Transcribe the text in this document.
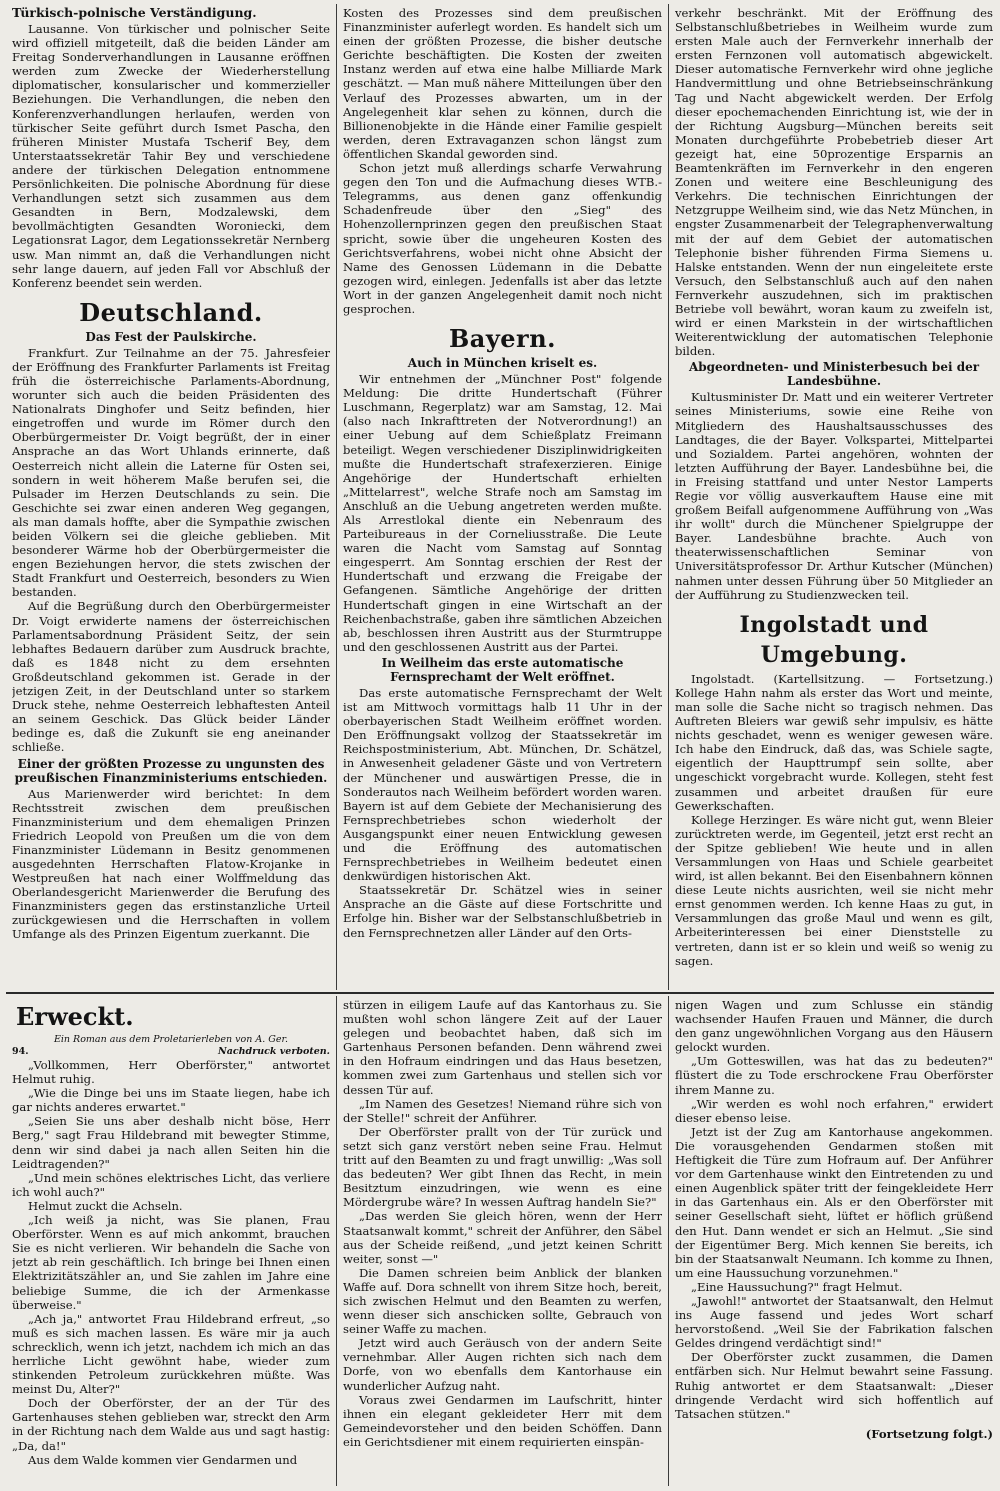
Türkisch-polnische Verständigung.

Lausanne. Von türkischer und polnischer Seite wird offiziell mitgeteilt, daß die beiden Länder am Freitag Sonderverhandlungen in Lausanne eröffnen werden zum Zwecke der Wiederherstellung diplomatischer, konsularischer und kommerzieller Beziehungen. Die Verhandlungen, die neben den Konferenzverhandlungen herlaufen, werden von türkischer Seite geführt durch Ismet Pascha, den früheren Minister Mustafa Tscherif Bey, dem Unterstaatssekretär Tahir Bey und verschiedene andere der türkischen Delegation entnommene Persönlichkeiten. Die polnische Abordnung für diese Verhandlungen setzt sich zusammen aus dem Gesandten in Bern, Modzalewski, dem bevollmächtigten Gesandten Woroniecki, dem Legationsrat Lagor, dem Legationssekretär Nernberg usw. Man nimmt an, daß die Verhandlungen nicht sehr lange dauern, auf jeden Fall vor Abschluß der Konferenz beendet sein werden.

Deutschland.
Das Fest der Paulskirche.

Frankfurt. Zur Teilnahme an der 75. Jahresfeier der Eröffnung des Frankfurter Parlaments ist Freitag früh die österreichische Parlaments-Abordnung, worunter sich auch die beiden Präsidenten des Nationalrats Dinghofer und Seitz befinden, hier eingetroffen und wurde im Römer durch den Oberbürgermeister Dr. Voigt begrüßt, der in einer Ansprache an das Wort Uhlands erinnerte, daß Oesterreich nicht allein die Laterne für Osten sei, sondern in weit höherem Maße berufen sei, die Pulsader im Herzen Deutschlands zu sein. Die Geschichte sei zwar einen anderen Weg gegangen, als man damals hoffte, aber die Sympathie zwischen beiden Völkern sei die gleiche geblieben. Mit besonderer Wärme hob der Oberbürgermeister die engen Beziehungen hervor, die stets zwischen der Stadt Frankfurt und Oesterreich, besonders zu Wien bestanden.

Auf die Begrüßung durch den Oberbürgermeister Dr. Voigt erwiderte namens der österreichischen Parlamentsabordnung Präsident Seitz, der sein lebhaftes Bedauern darüber zum Ausdruck brachte, daß es 1848 nicht zu dem ersehnten Großdeutschland gekommen ist. Gerade in der jetzigen Zeit, in der Deutschland unter so starkem Druck stehe, nehme Oesterreich lebhaftesten Anteil an seinem Geschick. Das Glück beider Länder bedinge es, daß die Zukunft sie eng aneinander schließe.

Einer der größten Prozesse zu ungunsten des preußischen Finanzministeriums entschieden.

Aus Marienwerder wird berichtet: In dem Rechtsstreit zwischen dem preußischen Finanzministerium und dem ehemaligen Prinzen Friedrich Leopold von Preußen um die von dem Finanzminister Lüdemann in Besitz genommenen ausgedehnten Herrschaften Flatow-Krojanke in Westpreußen hat nach einer Wolffmeldung das Oberlandesgericht Marienwerder die Berufung des Finanzministers gegen das erstinstanzliche Urteil zurückgewiesen und die Herrschaften in vollem Umfange als des Prinzen Eigentum zuerkannt. Die

Kosten des Prozesses sind dem preußischen Finanzminister auferlegt worden. Es handelt sich um einen der größten Prozesse, die bisher deutsche Gerichte beschäftigten. Die Kosten der zweiten Instanz werden auf etwa eine halbe Milliarde Mark geschätzt. — Man muß nähere Mitteilungen über den Verlauf des Prozesses abwarten, um in der Angelegenheit klar sehen zu können, durch die Billionenobjekte in die Hände einer Familie gespielt werden, deren Extravaganzen schon längst zum öffentlichen Skandal geworden sind.

Schon jetzt muß allerdings scharfe Verwahrung gegen den Ton und die Aufmachung dieses WTB.-Telegramms, aus denen ganz offenkundig Schadenfreude über den „Sieg" des Hohenzollernprinzen gegen den preußischen Staat spricht, sowie über die ungeheuren Kosten des Gerichtsverfahrens, wobei nicht ohne Absicht der Name des Genossen Lüdemann in die Debatte gezogen wird, einlegen. Jedenfalls ist aber das letzte Wort in der ganzen Angelegenheit damit noch nicht gesprochen.

Bayern.
Auch in München kriselt es.

Wir entnehmen der „Münchner Post" folgende Meldung: Die dritte Hundertschaft (Führer Luschmann, Regerplatz) war am Samstag, 12. Mai (also nach Inkrafttreten der Notverordnung!) an einer Uebung auf dem Schießplatz Freimann beteiligt. Wegen verschiedener Disziplinwidrigkeiten mußte die Hundertschaft strafexerzieren. Einige Angehörige der Hundertschaft erhielten „Mittelarrest", welche Strafe noch am Samstag im Anschluß an die Uebung angetreten werden mußte. Als Arrestlokal diente ein Nebenraum des Parteibureaus in der Corneliusstraße. Die Leute waren die Nacht vom Samstag auf Sonntag eingesperrt. Am Sonntag erschien der Rest der Hundertschaft und erzwang die Freigabe der Gefangenen. Sämtliche Angehörige der dritten Hundertschaft gingen in eine Wirtschaft an der Reichenbachstraße, gaben ihre sämtlichen Abzeichen ab, beschlossen ihren Austritt aus der Sturmtruppe und den geschlossenen Austritt aus der Partei.

In Weilheim das erste automatische Fernsprechamt der Welt eröffnet.

Das erste automatische Fernsprechamt der Welt ist am Mittwoch vormittags halb 11 Uhr in der oberbayerischen Stadt Weilheim eröffnet worden. Den Eröffnungsakt vollzog der Staatssekretär im Reichspostministerium, Abt. München, Dr. Schätzel, in Anwesenheit geladener Gäste und von Vertretern der Münchener und auswärtigen Presse, die in Sonderautos nach Weilheim befördert worden waren. Bayern ist auf dem Gebiete der Mechanisierung des Fernsprechbetriebes schon wiederholt der Ausgangspunkt einer neuen Entwicklung gewesen und die Eröffnung des automatischen Fernsprechbetriebes in Weilheim bedeutet einen denkwürdigen historischen Akt.

Staatssekretär Dr. Schätzel wies in seiner Ansprache an die Gäste auf diese Fortschritte und Erfolge hin. Bisher war der Selbstanschlußbetrieb in den Fernsprechnetzen aller Länder auf den Orts-

verkehr beschränkt. Mit der Eröffnung des Selbstanschlußbetriebes in Weilheim wurde zum ersten Male auch der Fernverkehr innerhalb der ersten Fernzonen voll automatisch abgewickelt. Dieser automatische Fernverkehr wird ohne jegliche Handvermittlung und ohne Betriebseinschränkung Tag und Nacht abgewickelt werden. Der Erfolg dieser epochemachenden Einrichtung ist, wie der in der Richtung Augsburg—München bereits seit Monaten durchgeführte Probebetrieb dieser Art gezeigt hat, eine 50prozentige Ersparnis an Beamtenkräften im Fernverkehr in den engeren Zonen und weitere eine Beschleunigung des Verkehrs. Die technischen Einrichtungen der Netzgruppe Weilheim sind, wie das Netz München, in engster Zusammenarbeit der Telegraphenverwaltung mit der auf dem Gebiet der automatischen Telephonie bisher führenden Firma Siemens u. Halske entstanden. Wenn der nun eingeleitete erste Versuch, den Selbstanschluß auch auf den nahen Fernverkehr auszudehnen, sich im praktischen Betriebe voll bewährt, woran kaum zu zweifeln ist, wird er einen Markstein in der wirtschaftlichen Weiterentwicklung der automatischen Telephonie bilden.

Abgeordneten- und Ministerbesuch bei der Landesbühne.

Kultusminister Dr. Matt und ein weiterer Vertreter seines Ministeriums, sowie eine Reihe von Mitgliedern des Haushaltsausschusses des Landtages, die der Bayer. Volkspartei, Mittelpartei und Sozialdem. Partei angehören, wohnten der letzten Aufführung der Bayer. Landesbühne bei, die in Freising stattfand und unter Nestor Lamperts Regie vor völlig ausverkauftem Hause eine mit großem Beifall aufgenommene Aufführung von „Was ihr wollt" durch die Münchener Spielgruppe der Bayer. Landesbühne brachte. Auch von theaterwissenschaftlichen Seminar von Universitätsprofessor Dr. Arthur Kutscher (München) nahmen unter dessen Führung über 50 Mitglieder an der Aufführung zu Studienzwecken teil.

Ingolstadt und Umgebung.

Ingolstadt. (Kartellsitzung. — Fortsetzung.) Kollege Hahn nahm als erster das Wort und meinte, man solle die Sache nicht so tragisch nehmen. Das Auftreten Bleiers war gewiß sehr impulsiv, es hätte nichts geschadet, wenn es weniger gewesen wäre. Ich habe den Eindruck, daß das, was Schiele sagte, eigentlich der Haupttrumpf sein sollte, aber ungeschickt vorgebracht wurde. Kollegen, steht fest zusammen und arbeitet draußen für eure Gewerkschaften.

Kollege Herzinger. Es wäre nicht gut, wenn Bleier zurücktreten werde, im Gegenteil, jetzt erst recht an der Spitze geblieben! Wie heute und in allen Versammlungen von Haas und Schiele gearbeitet wird, ist allen bekannt. Bei den Eisenbahnern können diese Leute nichts ausrichten, weil sie nicht mehr ernst genommen werden. Ich kenne Haas zu gut, in Versammlungen das große Maul und wenn es gilt, Arbeiterinteressen bei einer Dienststelle zu vertreten, dann ist er so klein und weiß so wenig zu sagen.

Erweckt.

Ein Roman aus dem Proletarierleben von A. Ger.

94.	Nachdruck verboten.

„Vollkommen, Herr Oberförster," antwortet Helmut ruhig.

„Wie die Dinge bei uns im Staate liegen, habe ich gar nichts anderes erwartet."

„Seien Sie uns aber deshalb nicht böse, Herr Berg," sagt Frau Hildebrand mit bewegter Stimme, denn wir sind dabei ja nach allen Seiten hin die Leidtragenden?"

„Und mein schönes elektrisches Licht, das verliere ich wohl auch?"

Helmut zuckt die Achseln.

„Ich weiß ja nicht, was Sie planen, Frau Oberförster. Wenn es auf mich ankommt, brauchen Sie es nicht verlieren. Wir behandeln die Sache von jetzt ab rein geschäftlich. Ich bringe bei Ihnen einen Elektrizitätszähler an, und Sie zahlen im Jahre eine beliebige Summe, die ich der Armenkasse überweise."

„Ach ja," antwortet Frau Hildebrand erfreut, „so muß es sich machen lassen. Es wäre mir ja auch schrecklich, wenn ich jetzt, nachdem ich mich an das herrliche Licht gewöhnt habe, wieder zum stinkenden Petroleum zurückkehren müßte. Was meinst Du, Alter?"

Doch der Oberförster, der an der Tür des Gartenhauses stehen geblieben war, streckt den Arm in der Richtung nach dem Walde aus und sagt hastig: „Da, da!"

Aus dem Walde kommen vier Gendarmen und

stürzen in eiligem Laufe auf das Kantorhaus zu. Sie mußten wohl schon längere Zeit auf der Lauer gelegen und beobachtet haben, daß sich im Gartenhaus Personen befanden. Denn während zwei in den Hofraum eindringen und das Haus besetzen, kommen zwei zum Gartenhaus und stellen sich vor dessen Tür auf.

„Im Namen des Gesetzes! Niemand rühre sich von der Stelle!" schreit der Anführer.

Der Oberförster prallt von der Tür zurück und setzt sich ganz verstört neben seine Frau. Helmut tritt auf den Beamten zu und fragt unwillig: „Was soll das bedeuten? Wer gibt Ihnen das Recht, in mein Besitztum einzudringen, wie wenn es eine Mördergrube wäre? In wessen Auftrag handeln Sie?"

„Das werden Sie gleich hören, wenn der Herr Staatsanwalt kommt," schreit der Anführer, den Säbel aus der Scheide reißend, „und jetzt keinen Schritt weiter, sonst —"

Die Damen schreien beim Anblick der blanken Waffe auf. Dora schnellt von ihrem Sitze hoch, bereit, sich zwischen Helmut und den Beamten zu werfen, wenn dieser sich anschicken sollte, Gebrauch von seiner Waffe zu machen.

Jetzt wird auch Geräusch von der andern Seite vernehmbar. Aller Augen richten sich nach dem Dorfe, von wo ebenfalls dem Kantorhause ein wunderlicher Aufzug naht.

Voraus zwei Gendarmen im Laufschritt, hinter ihnen ein elegant gekleideter Herr mit dem Gemeindevorsteher und den beiden Schöffen. Dann ein Gerichtsdiener mit einem requirierten einspän-

nigen Wagen und zum Schlusse ein ständig wachsender Haufen Frauen und Männer, die durch den ganz ungewöhnlichen Vorgang aus den Häusern gelockt wurden.

„Um Gotteswillen, was hat das zu bedeuten?" flüstert die zu Tode erschrockene Frau Oberförster ihrem Manne zu.

„Wir werden es wohl noch erfahren," erwidert dieser ebenso leise.

Jetzt ist der Zug am Kantorhause angekommen. Die vorausgehenden Gendarmen stoßen mit Heftigkeit die Türe zum Hofraum auf. Der Anführer vor dem Gartenhause winkt den Eintretenden zu und einen Augenblick später tritt der feingekleidete Herr in das Gartenhaus ein. Als er den Oberförster mit seiner Gesellschaft sieht, lüftet er höflich grüßend den Hut. Dann wendet er sich an Helmut. „Sie sind der Eigentümer Berg. Mich kennen Sie bereits, ich bin der Staatsanwalt Neumann. Ich komme zu Ihnen, um eine Haussuchung vorzunehmen."

„Eine Haussuchung?" fragt Helmut.

„Jawohl!" antwortet der Staatsanwalt, den Helmut ins Auge fassend und jedes Wort scharf hervorstoßend. „Weil Sie der Fabrikation falschen Geldes dringend verdächtigt sind!"

Der Oberförster zuckt zusammen, die Damen entfärben sich. Nur Helmut bewahrt seine Fassung. Ruhig antwortet er dem Staatsanwalt: „Dieser dringende Verdacht wird sich hoffentlich auf Tatsachen stützen."

(Fortsetzung folgt.)
